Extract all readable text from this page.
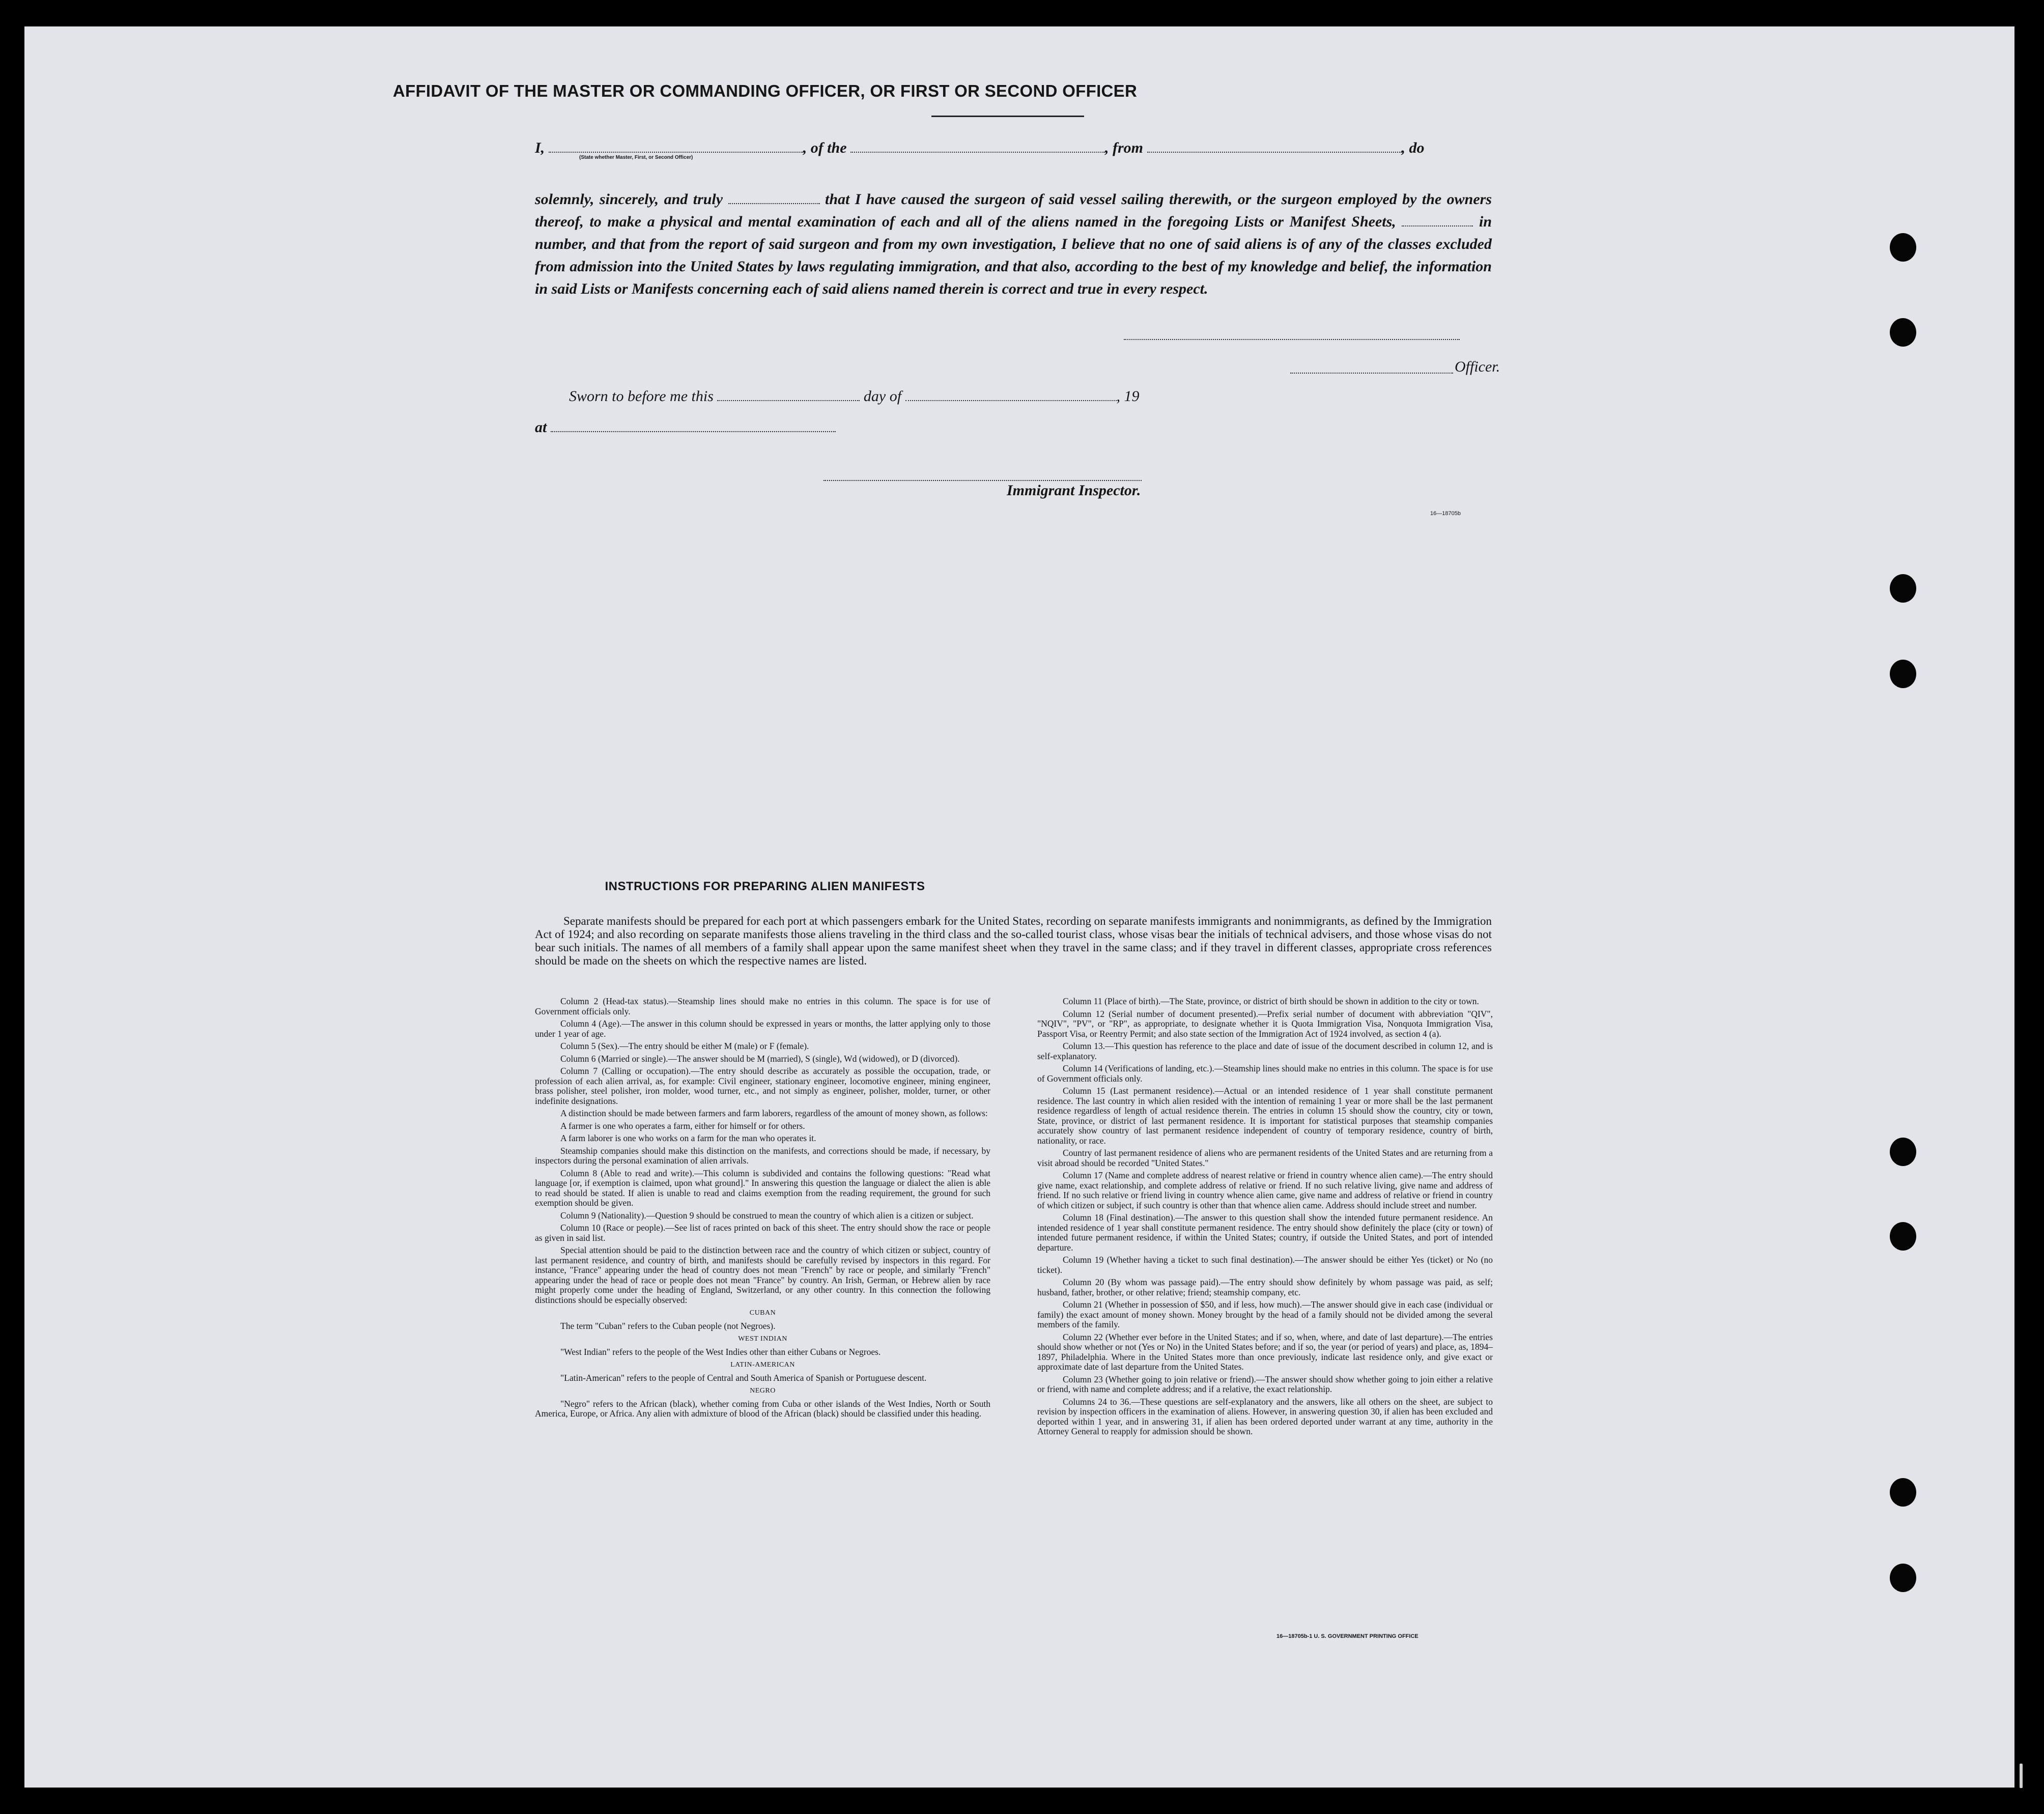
AFFIDAVIT OF THE MASTER OR COMMANDING OFFICER, OR FIRST OR SECOND OFFICER
I,	, of the	, from	, do
(State whether Master, First, or Second Officer)
solemnly, sincerely, and truly	that I have caused the surgeon of said vessel sailing therewith, or the surgeon employed by the owners thereof, to make a physical and mental examination of each and all of the aliens named in the foregoing Lists or Manifest Sheets,	in number, and that from the report of said surgeon and from my own investigation, I believe that no one of said aliens is of any of the classes excluded from admission into the United States by laws regulating immigration, and that also, according to the best of my knowledge and belief, the information in said Lists or Manifests concerning each of said aliens named therein is correct and true in every respect.
Officer.
Sworn to before me this	day of	, 19
at
Immigrant Inspector.
16—18705b
INSTRUCTIONS FOR PREPARING ALIEN MANIFESTS
Separate manifests should be prepared for each port at which passengers embark for the United States, recording on separate manifests immigrants and nonimmigrants, as defined by the Immigration Act of 1924; and also recording on separate manifests those aliens traveling in the third class and the so-called tourist class, whose visas bear the initials of technical advisers, and those whose visas do not bear such initials. The names of all members of a family shall appear upon the same manifest sheet when they travel in the same class; and if they travel in different classes, appropriate cross references should be made on the sheets on which the respective names are listed.

Column 2 (Head-tax status).—Steamship lines should make no entries in this column. The space is for use of Government officials only.

Column 4 (Age).—The answer in this column should be expressed in years or months, the latter applying only to those under 1 year of age.

Column 5 (Sex).—The entry should be either M (male) or F (female).

Column 6 (Married or single).—The answer should be M (married), S (single), Wd (widowed), or D (divorced).

Column 7 (Calling or occupation).—The entry should describe as accurately as possible the occupation, trade, or profession of each alien arrival, as, for example: Civil engineer, stationary engineer, locomotive engineer, mining engineer, brass polisher, steel polisher, iron molder, wood turner, etc., and not simply as engineer, polisher, molder, turner, or other indefinite designations.

A distinction should be made between farmers and farm laborers, regardless of the amount of money shown, as follows:

A farmer is one who operates a farm, either for himself or for others.

A farm laborer is one who works on a farm for the man who operates it.

Steamship companies should make this distinction on the manifests, and corrections should be made, if necessary, by inspectors during the personal examination of alien arrivals.

Column 8 (Able to read and write).—This column is subdivided and contains the following questions: "Read what language [or, if exemption is claimed, upon what ground]." In answering this question the language or dialect the alien is able to read should be stated. If alien is unable to read and claims exemption from the reading requirement, the ground for such exemption should be given.

Column 9 (Nationality).—Question 9 should be construed to mean the country of which alien is a citizen or subject.

Column 10 (Race or people).—See list of races printed on back of this sheet. The entry should show the race or people as given in said list.

Special attention should be paid to the distinction between race and the country of which citizen or subject, country of last permanent residence, and country of birth, and manifests should be carefully revised by inspectors in this regard. For instance, "France" appearing under the head of country does not mean "French" by race or people, and similarly "French" appearing under the head of race or people does not mean "France" by country. An Irish, German, or Hebrew alien by race might properly come under the heading of England, Switzerland, or any other country. In this connection the following distinctions should be especially observed:

CUBAN

The term "Cuban" refers to the Cuban people (not Negroes).

WEST INDIAN

"West Indian" refers to the people of the West Indies other than either Cubans or Negroes.

LATIN-AMERICAN

"Latin-American" refers to the people of Central and South America of Spanish or Portuguese descent.

NEGRO

"Negro" refers to the African (black), whether coming from Cuba or other islands of the West Indies, North or South America, Europe, or Africa. Any alien with admixture of blood of the African (black) should be classified under this heading.

Column 11 (Place of birth).—The State, province, or district of birth should be shown in addition to the city or town.

Column 12 (Serial number of document presented).—Prefix serial number of document with abbreviation "QIV", "NQIV", "PV", or "RP", as appropriate, to designate whether it is Quota Immigration Visa, Nonquota Immigration Visa, Passport Visa, or Reentry Permit; and also state section of the Immigration Act of 1924 involved, as section 4 (a).

Column 13.—This question has reference to the place and date of issue of the document described in column 12, and is self-explanatory.

Column 14 (Verifications of landing, etc.).—Steamship lines should make no entries in this column. The space is for use of Government officials only.

Column 15 (Last permanent residence).—Actual or an intended residence of 1 year shall constitute permanent residence. The last country in which alien resided with the intention of remaining 1 year or more shall be the last permanent residence regardless of length of actual residence therein. The entries in column 15 should show the country, city or town, State, province, or district of last permanent residence. It is important for statistical purposes that steamship companies accurately show country of last permanent residence independent of country of temporary residence, country of birth, nationality, or race.

Country of last permanent residence of aliens who are permanent residents of the United States and are returning from a visit abroad should be recorded "United States."

Column 17 (Name and complete address of nearest relative or friend in country whence alien came).—The entry should give name, exact relationship, and complete address of relative or friend. If no such relative living, give name and address of friend. If no such relative or friend living in country whence alien came, give name and address of relative or friend in country of which citizen or subject, if such country is other than that whence alien came. Address should include street and number.

Column 18 (Final destination).—The answer to this question shall show the intended future permanent residence. An intended residence of 1 year shall constitute permanent residence. The entry should show definitely the place (city or town) of intended future permanent residence, if within the United States; country, if outside the United States, and port of intended departure.

Column 19 (Whether having a ticket to such final destination).—The answer should be either Yes (ticket) or No (no ticket).

Column 20 (By whom was passage paid).—The entry should show definitely by whom passage was paid, as self; husband, father, brother, or other relative; friend; steamship company, etc.

Column 21 (Whether in possession of $50, and if less, how much).—The answer should give in each case (individual or family) the exact amount of money shown. Money brought by the head of a family should not be divided among the several members of the family.

Column 22 (Whether ever before in the United States; and if so, when, where, and date of last departure).—The entries should show whether or not (Yes or No) in the United States before; and if so, the year (or period of years) and place, as, 1894–1897, Philadelphia. Where in the United States more than once previously, indicate last residence only, and give exact or approximate date of last departure from the United States.

Column 23 (Whether going to join relative or friend).—The answer should show whether going to join either a relative or friend, with name and complete address; and if a relative, the exact relationship.

Columns 24 to 36.—These questions are self-explanatory and the answers, like all others on the sheet, are subject to revision by inspection officers in the examination of aliens. However, in answering question 30, if alien has been excluded and deported within 1 year, and in answering 31, if alien has been ordered deported under warrant at any time, authority in the Attorney General to reapply for admission should be shown.

16—18705b-1 U. S. GOVERNMENT PRINTING OFFICE
